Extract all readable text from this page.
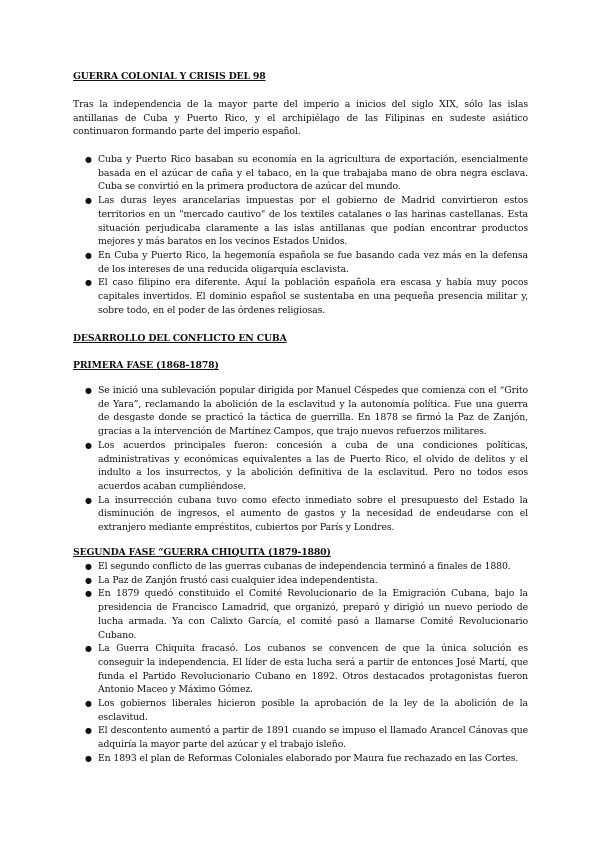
GUERRA COLONIAL Y CRISIS DEL 98

Tras la independencia de la mayor parte del imperio a inicios del siglo XIX, sólo las islas antillanas de Cuba y Puerto Rico, y el archipiélago de las Filipinas en sudeste asiático continuaron formando parte del imperio español.

● Cuba y Puerto Rico basaban su economía en la agricultura de exportación, esencialmente basada en el azúcar de caña y el tabaco, en la que trabajaba mano de obra negra esclava. Cuba se convirtió en la primera productora de azúcar del mundo.
● Las duras leyes arancelarias impuestas por el gobierno de Madrid convirtieron estos territorios en un "mercado cautivo" de los textiles catalanes o las harinas castellanas. Esta situación perjudicaba claramente a las islas antillanas que podían encontrar productos mejores y más baratos en los vecinos Estados Unidos.
● En Cuba y Puerto Rico, la hegemonía española se fue basando cada vez más en la defensa de los intereses de una reducida oligarquía esclavista.
● El caso filipino era diferente. Aquí la población española era escasa y había muy pocos capitales invertidos. El dominio español se sustentaba en una pequeña presencia militar y, sobre todo, en el poder de las órdenes religiosas.
DESARROLLO DEL CONFLICTO EN CUBA
PRIMERA FASE (1868-1878)
● Se inició una sublevación popular dirigida por Manuel Céspedes que comienza con el “Grito de Yara”, reclamando la abolición de la esclavitud y la autonomía política. Fue una guerra de desgaste donde se practicó la táctica de guerrilla. En 1878 se firmó la Paz de Zanjón, gracias a la intervención de Martínez Campos, que trajo nuevos refuerzos militares.
● Los acuerdos principales fueron: concesión a cuba de una condiciones políticas, administrativas y económicas equivalentes a las de Puerto Rico, el olvido de delitos y el indulto a los insurrectos, y la abolición definitiva de la esclavitud. Pero no todos esos acuerdos acaban cumpliéndose.
● La insurrección cubana tuvo como efecto inmediato sobre el presupuesto del Estado la disminución de ingresos, el aumento de gastos y la necesidad de endeudarse con el extranjero mediante empréstitos, cubiertos por París y Londres.
SEGUNDA FASE “GUERRA CHIQUITA (1879-1880)
● El segundo conflicto de las guerras cubanas de independencia terminó a finales de 1880.
● La Paz de Zanjón frustó casi cualquier idea independentista.
● En 1879 quedó constituido el Comité Revolucionario de la Emigración Cubana, bajo la presidencia de Francisco Lamadrid, que organizó, preparó y dirigió un nuevo periodo de lucha armada. Ya con Calixto García, el comité pasó a llamarse Comité Revolucionario Cubano.
● La Guerra Chiquita fracasó. Los cubanos se convencen de que la única solución es conseguir la independencia. El líder de esta lucha será a partir de entonces José Martí, que funda el Partido Revolucionario Cubano en 1892. Otros destacados protagonistas fueron Antonio Maceo y Máximo Gómez.
● Los gobiernos liberales hicieron posible la aprobación de la ley de la abolición de la esclavitud.
● El descontento aumentó a partir de 1891 cuando se impuso el llamado Arancel Cánovas que adquiría la mayor parte del azúcar y el trabajo isleño.
● En 1893 el plan de Reformas Coloniales elaborado por Maura fue rechazado en las Cortes.
